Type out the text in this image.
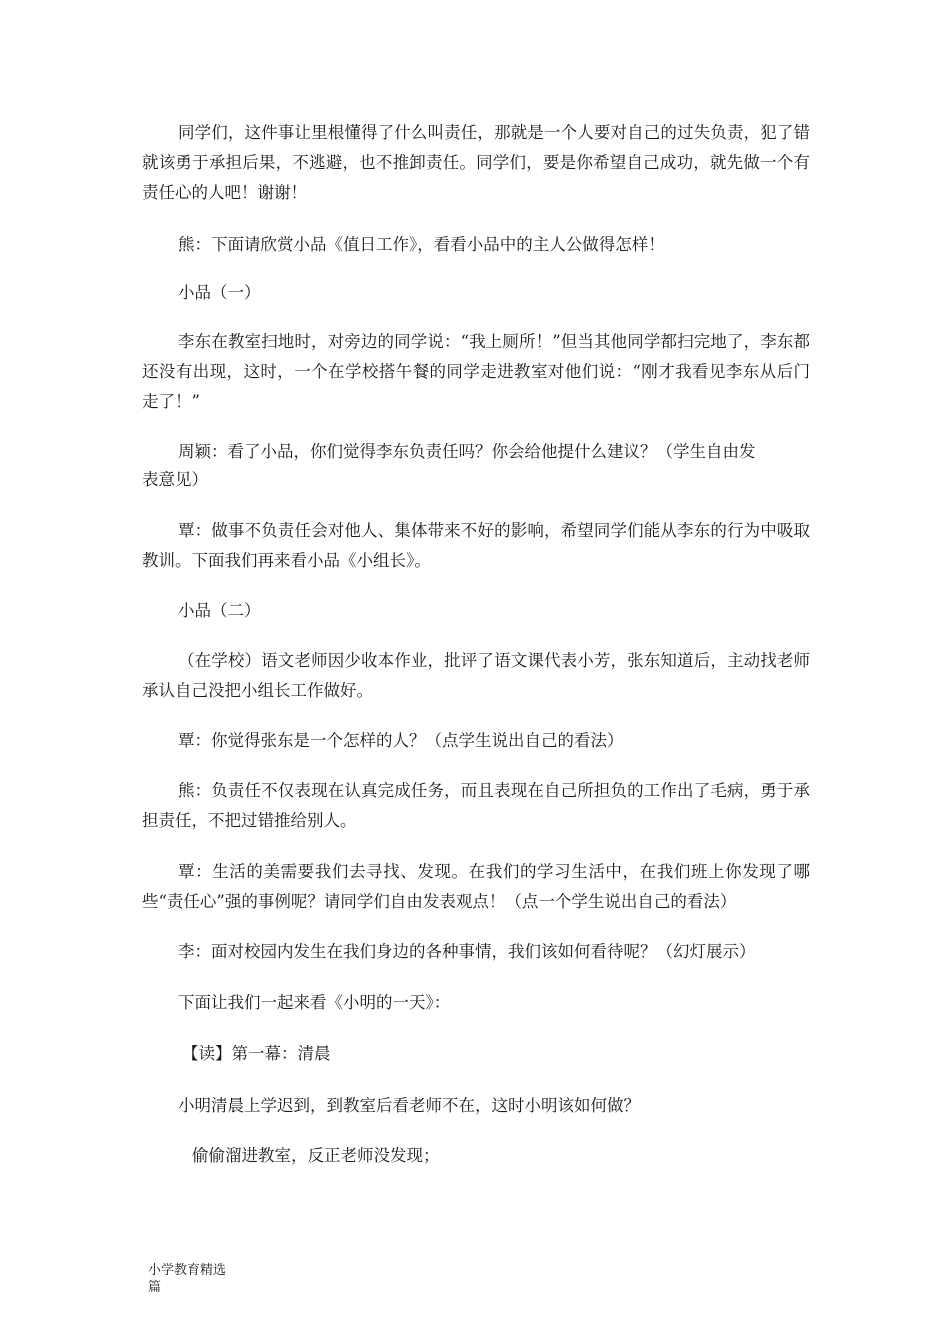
同学们，这件事让里根懂得了什么叫责任，那就是一个人要对自己的过失负责，犯了错就该勇于承担后果，不逃避，也不推卸责任。同学们，要是你希望自己成功，就先做一个有责任心的人吧！谢谢！
熊：下面请欣赏小品《值日工作》，看看小品中的主人公做得怎样！
小品（一）
李东在教室扫地时，对旁边的同学说：“我上厕所！”但当其他同学都扫完地了，李东都还没有出现，这时，一个在学校搭午餐的同学走进教室对他们说：“刚才我看见李东从后门走了！”
周颖：看了小品，你们觉得李东负责任吗？你会给他提什么建议？（学生自由发
表意见）
覃：做事不负责任会对他人、集体带来不好的影响，希望同学们能从李东的行为中吸取教训。下面我们再来看小品《小组长》。
小品（二）
（在学校）语文老师因少收本作业，批评了语文课代表小芳，张东知道后，主动找老师承认自己没把小组长工作做好。
覃：你觉得张东是一个怎样的人？（点学生说出自己的看法）
熊：负责任不仅表现在认真完成任务，而且表现在自己所担负的工作出了毛病，勇于承担责任，不把过错推给别人。
覃：生活的美需要我们去寻找、发现。在我们的学习生活中，在我们班上你发现了哪些“责任心”强的事例呢？请同学们自由发表观点！（点一个学生说出自己的看法）
李：面对校园内发生在我们身边的各种事情，我们该如何看待呢？（幻灯展示）
下面让我们一起来看《小明的一天》：
【读】第一幕：清晨
小明清晨上学迟到，到教室后看老师不在，这时小明该如何做？
偷偷溜进教室，反正老师没发现；
小学教育精选
篇
